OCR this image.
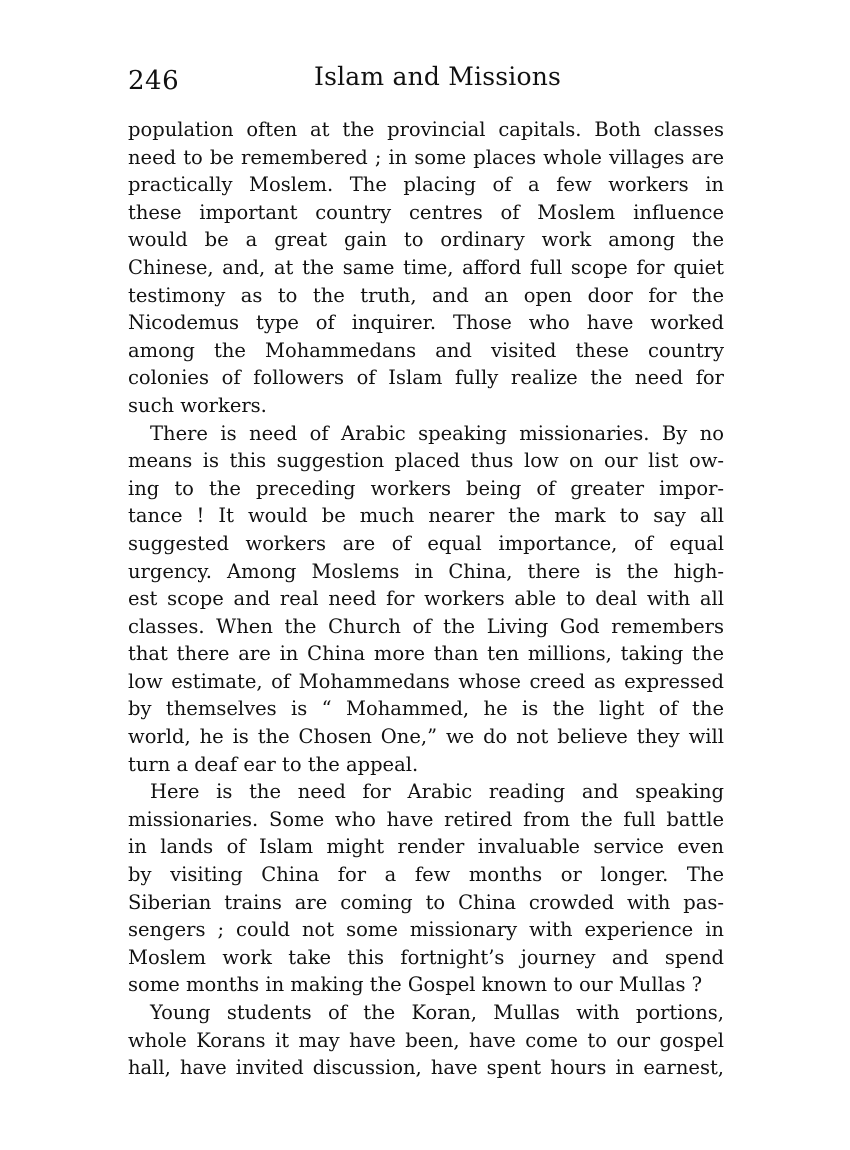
246	Islam and Missions
population often at the provincial capitals. Both classes
need to be remembered ; in some places whole villages are
practically Moslem. The placing of a few workers in
these important country centres of Moslem influence
would be a great gain to ordinary work among the
Chinese, and, at the same time, afford full scope for quiet
testimony as to the truth, and an open door for the
Nicodemus type of inquirer. Those who have worked
among the Mohammedans and visited these country
colonies of followers of Islam fully realize the need for
such workers.
There is need of Arabic speaking missionaries. By no
means is this suggestion placed thus low on our list ow-
ing to the preceding workers being of greater impor-
tance ! It would be much nearer the mark to say all
suggested workers are of equal importance, of equal
urgency. Among Moslems in China, there is the high-
est scope and real need for workers able to deal with all
classes. When the Church of the Living God remembers
that there are in China more than ten millions, taking the
low estimate, of Mohammedans whose creed as expressed
by themselves is “ Mohammed, he is the light of the
world, he is the Chosen One,” we do not believe they will
turn a deaf ear to the appeal.
Here is the need for Arabic reading and speaking
missionaries. Some who have retired from the full battle
in lands of Islam might render invaluable service even
by visiting China for a few months or longer. The
Siberian trains are coming to China crowded with pas-
sengers ; could not some missionary with experience in
Moslem work take this fortnight’s journey and spend
some months in making the Gospel known to our Mullas ?
Young students of the Koran, Mullas with portions,
whole Korans it may have been, have come to our gospel
hall, have invited discussion, have spent hours in earnest,
